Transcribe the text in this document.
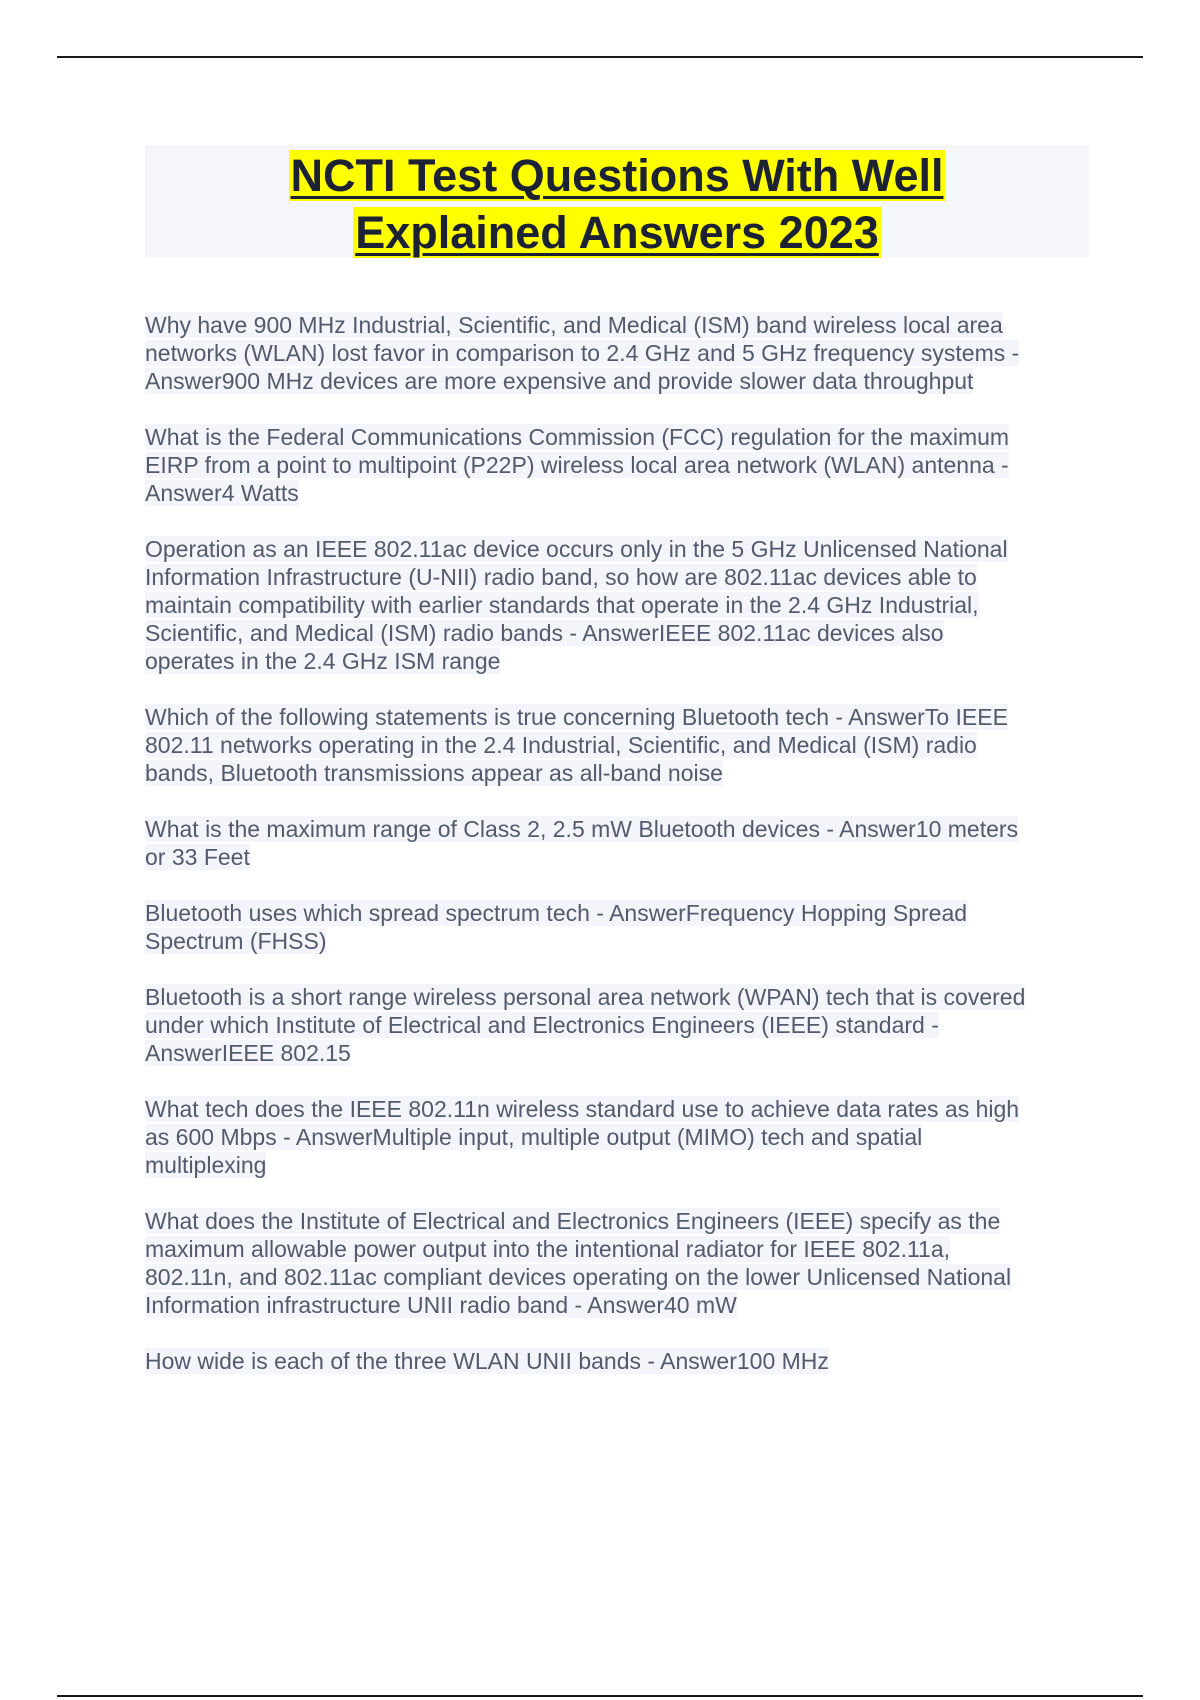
NCTI Test Questions With Well
Explained Answers 2023

Why have 900 MHz Industrial, Scientific, and Medical (ISM) band wireless local area
networks (WLAN) lost favor in comparison to 2.4 GHz and 5 GHz frequency systems -
Answer900 MHz devices are more expensive and provide slower data throughput

What is the Federal Communications Commission (FCC) regulation for the maximum
EIRP from a point to multipoint (P22P) wireless local area network (WLAN) antenna -
Answer4 Watts

Operation as an IEEE 802.11ac device occurs only in the 5 GHz Unlicensed National
Information Infrastructure (U-NII) radio band, so how are 802.11ac devices able to
maintain compatibility with earlier standards that operate in the 2.4 GHz Industrial,
Scientific, and Medical (ISM) radio bands - AnswerIEEE 802.11ac devices also
operates in the 2.4 GHz ISM range

Which of the following statements is true concerning Bluetooth tech - AnswerTo IEEE
802.11 networks operating in the 2.4 Industrial, Scientific, and Medical (ISM) radio
bands, Bluetooth transmissions appear as all-band noise

What is the maximum range of Class 2, 2.5 mW Bluetooth devices - Answer10 meters
or 33 Feet

Bluetooth uses which spread spectrum tech - AnswerFrequency Hopping Spread
Spectrum (FHSS)

Bluetooth is a short range wireless personal area network (WPAN) tech that is covered
under which Institute of Electrical and Electronics Engineers (IEEE) standard -
AnswerIEEE 802.15

What tech does the IEEE 802.11n wireless standard use to achieve data rates as high
as 600 Mbps - AnswerMultiple input, multiple output (MIMO) tech and spatial
multiplexing

What does the Institute of Electrical and Electronics Engineers (IEEE) specify as the
maximum allowable power output into the intentional radiator for IEEE 802.11a,
802.11n, and 802.11ac compliant devices operating on the lower Unlicensed National
Information infrastructure UNII radio band - Answer40 mW

How wide is each of the three WLAN UNII bands - Answer100 MHz
